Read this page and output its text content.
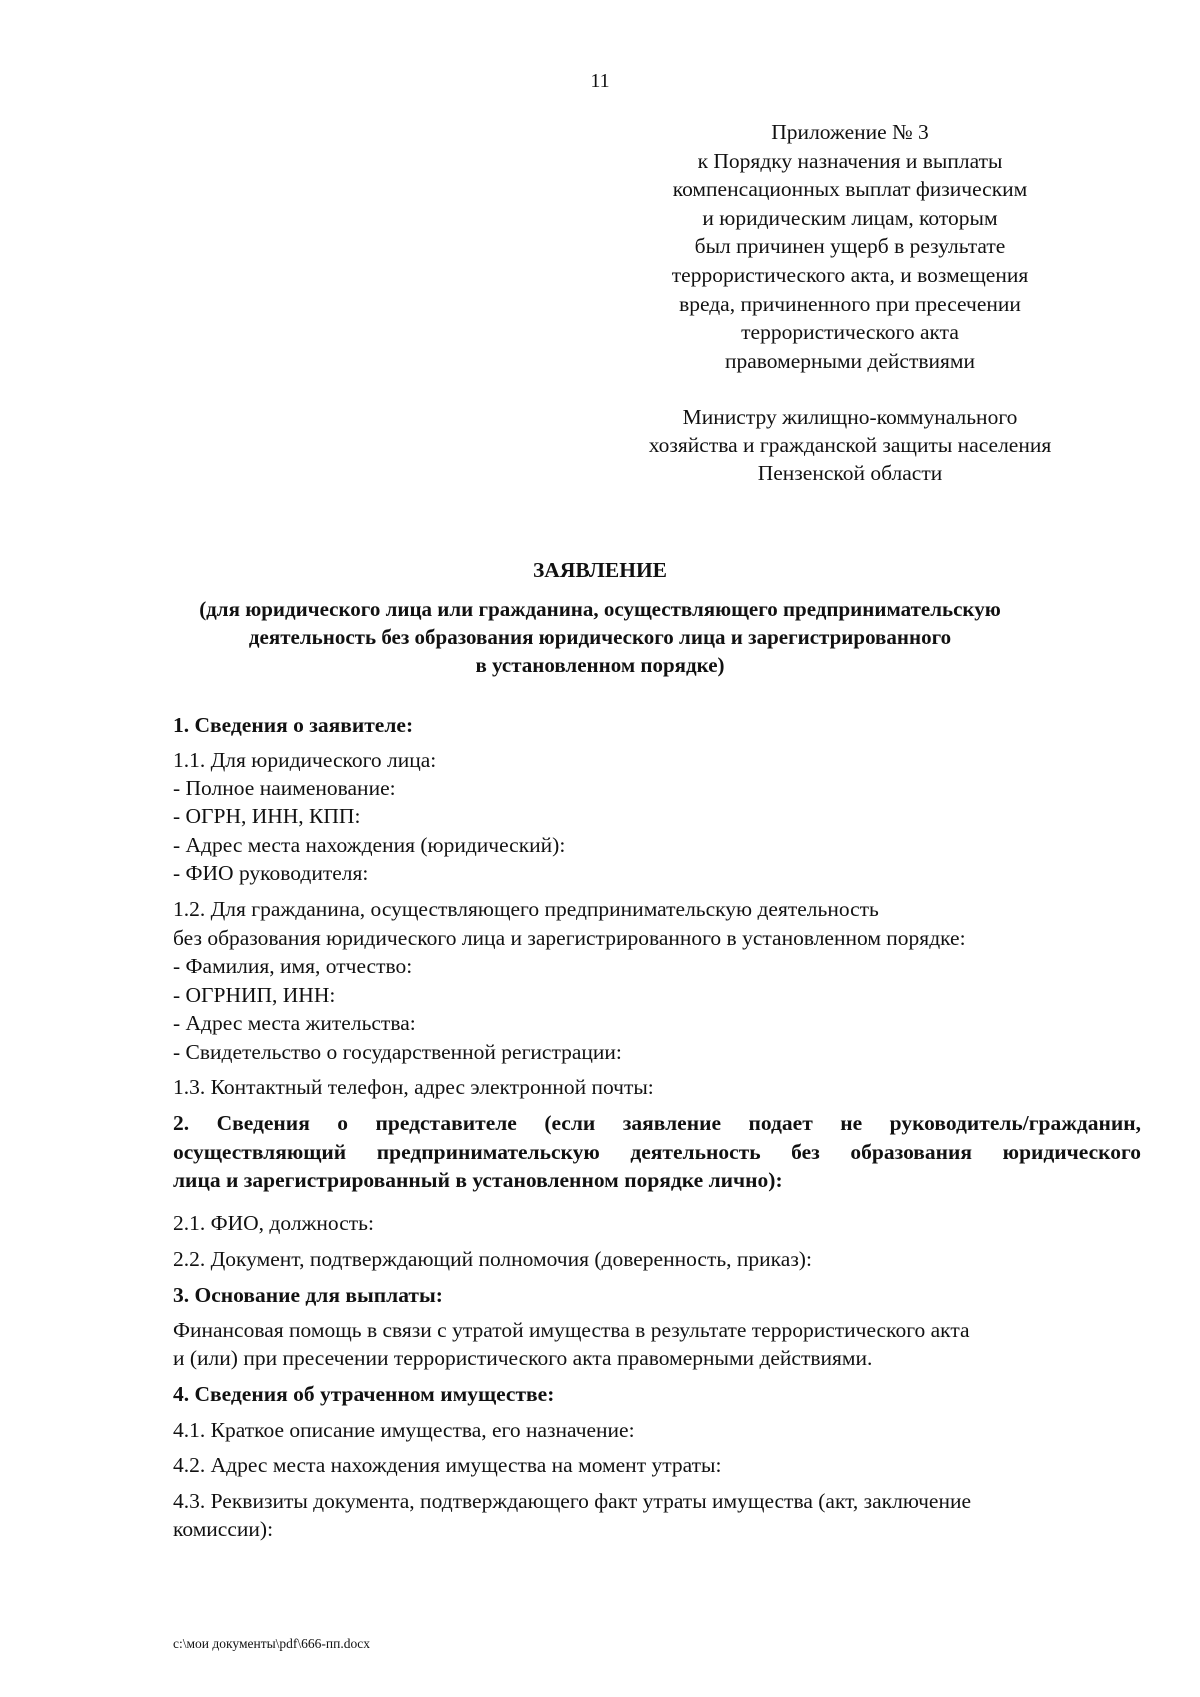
11
Приложение № 3
к Порядку назначения и выплаты
компенсационных выплат физическим
и юридическим лицам, которым
был причинен ущерб в результате
террористического акта, и возмещения
вреда, причиненного при пресечении
террористического акта
правомерными действиями
Министру жилищно-коммунального
хозяйства и гражданской защиты населения
Пензенской области
ЗАЯВЛЕНИЕ
(для юридического лица или гражданина, осуществляющего предпринимательскую
деятельность без образования юридического лица и зарегистрированного
в установленном порядке)
1. Сведения о заявителе:
1.1. Для юридического лица:
- Полное наименование:
- ОГРН, ИНН, КПП:
- Адрес места нахождения (юридический):
- ФИО руководителя:
1.2. Для гражданина, осуществляющего предпринимательскую деятельность
без образования юридического лица и зарегистрированного в установленном порядке:
- Фамилия, имя, отчество:
- ОГРНИП, ИНН:
- Адрес места жительства:
- Свидетельство о государственной регистрации:
1.3. Контактный телефон, адрес электронной почты:
2. Сведения о представителе (если заявление подает не руководитель/гражданин,
осуществляющий предпринимательскую деятельность без образования юридического
лица и зарегистрированный в установленном порядке лично):
2.1. ФИО, должность:
2.2. Документ, подтверждающий полномочия (доверенность, приказ):
3. Основание для выплаты:
Финансовая помощь в связи с утратой имущества в результате террористического акта
и (или) при пресечении террористического акта правомерными действиями.
4. Сведения об утраченном имуществе:
4.1. Краткое описание имущества, его назначение:
4.2. Адрес места нахождения имущества на момент утраты:
4.3. Реквизиты документа, подтверждающего факт утраты имущества (акт, заключение
комиссии):
c:\мои документы\pdf\666-пп.docx
